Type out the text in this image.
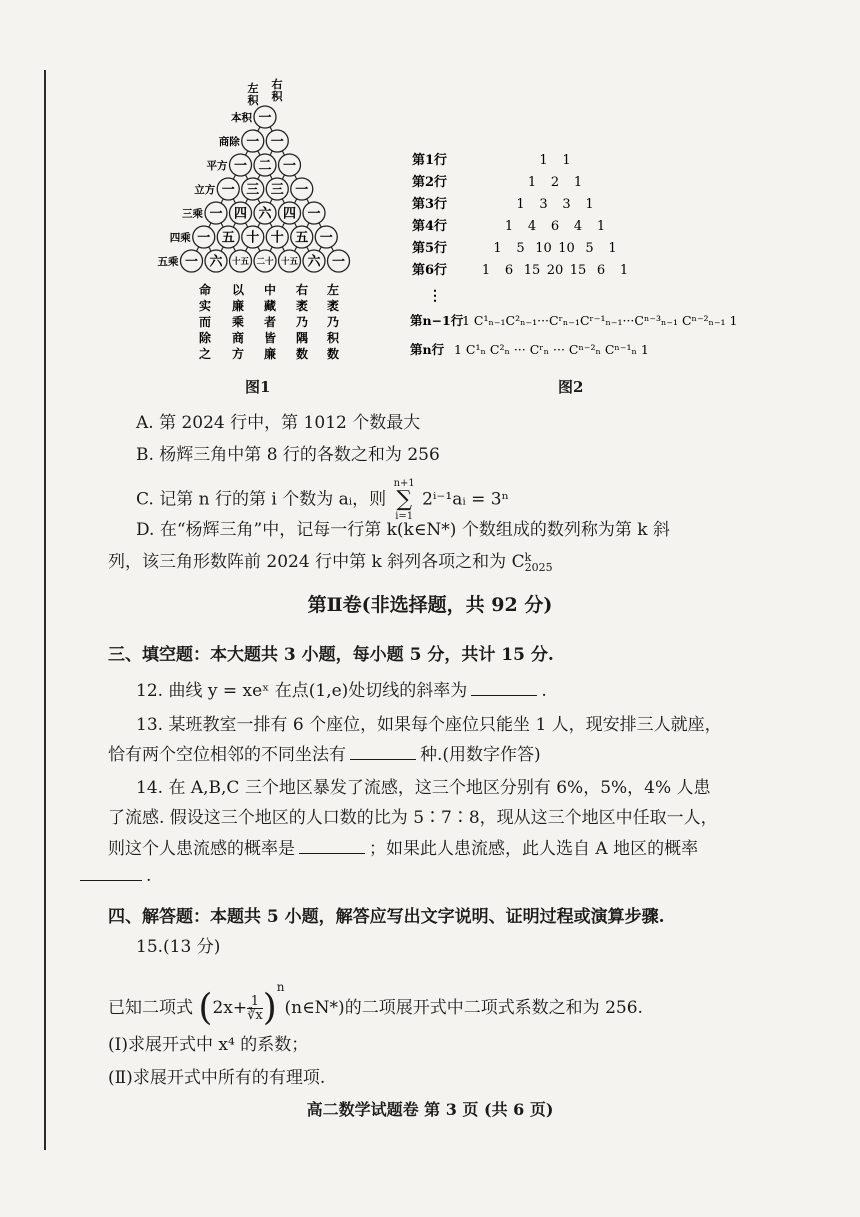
一
一 一
一 二 一
一 三 三 一
一 四 六 四 一
一 五 十 十 五 一
一 六 十五 二十 十五 六 一
左
积
右
积
本积
商除
平方
立方
三乘
四乘
五乘
命
实
而
除
之
以
廉
乘
商
方
中
藏
者
皆
廉
右
袤
乃
隅
数
左
袤
乃
积
数
图1
第1行	1 1
第2行	1 2 1
第3行	1 3 3 1
第4行	1 4 6 4 1
第5行	1 5 10 10 5 1
第6行	1 6 15 20 15 6 1
⋮
第n−1行
1 C¹ₙ₋₁C²ₙ₋₁···Cʳₙ₋₁Cʳ⁻¹ₙ₋₁···Cⁿ⁻³ₙ₋₁ Cⁿ⁻²ₙ₋₁ 1
第n行 1 C¹ₙ C²ₙ ··· Cʳₙ ··· Cⁿ⁻²ₙ Cⁿ⁻¹ₙ 1
图2
A. 第 2024 行中，第 1012 个数最大
B. 杨辉三角中第 8 行的各数之和为 256
C. 记第 n 行的第 i 个数为 aᵢ，则
n+1
∑
i=1
2ⁱ⁻¹aᵢ = 3ⁿ
D. 在“杨辉三角”中，记每一行第 k(k∈N*) 个数组成的数列称为第 k 斜
列，该三角形数阵前 2024 行中第 k 斜列各项之和为 C k
2025
第Ⅱ卷(非选择题，共 92 分)
三、填空题：本大题共 3 小题，每小题 5 分，共计 15 分.
12. 曲线 y = xeˣ 在点(1,e)处切线的斜率为	.
13. 某班教室一排有 6 个座位，如果每个座位只能坐 1 人，现安排三人就座，
恰有两个空位相邻的不同坐法有	种.(用数字作答)
14. 在 A,B,C 三个地区暴发了流感，这三个地区分别有 6%，5%，4% 人患
了流感. 假设这三个地区的人口数的比为 5∶7∶8，现从这三个地区中任取一人，
则这个人患流感的概率是	；如果此人患流感，此人选自 A 地区的概率
.
四、解答题：本题共 5 小题，解答应写出文字说明、证明过程或演算步骤.
15.(13 分)
已知二项式 ($2x+ \frac{1}{∛x}$ )$^n(n\in N*)$的二项展开式中二项式系数之和为 256.
(Ⅰ)求展开式中 x⁴ 的系数；
(Ⅱ)求展开式中所有的有理项.
高二数学试题卷 第 3 页 (共 6 页)
